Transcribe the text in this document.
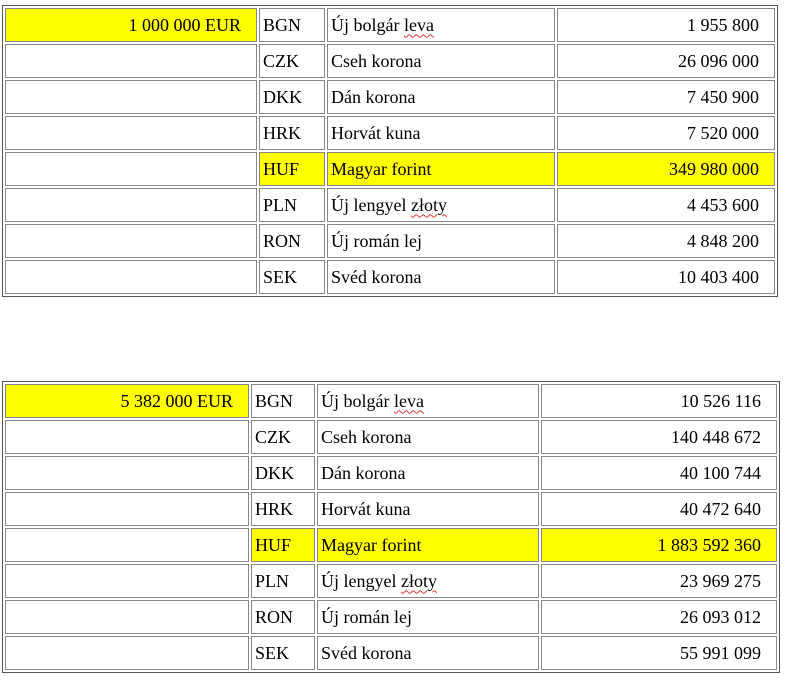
1 000 000 EUR	BGN	Új bolgár leva	1 955 800
	CZK	Cseh korona	26 096 000
	DKK	Dán korona	7 450 900
	HRK	Horvát kuna	7 520 000
	HUF	Magyar forint	349 980 000
	PLN	Új lengyel złoty	4 453 600
	RON	Új román lej	4 848 200
	SEK	Svéd korona	10 403 400
5 382 000 EUR	BGN	Új bolgár leva	10 526 116
	CZK	Cseh korona	140 448 672
	DKK	Dán korona	40 100 744
	HRK	Horvát kuna	40 472 640
	HUF	Magyar forint	1 883 592 360
	PLN	Új lengyel złoty	23 969 275
	RON	Új román lej	26 093 012
	SEK	Svéd korona	55 991 099
